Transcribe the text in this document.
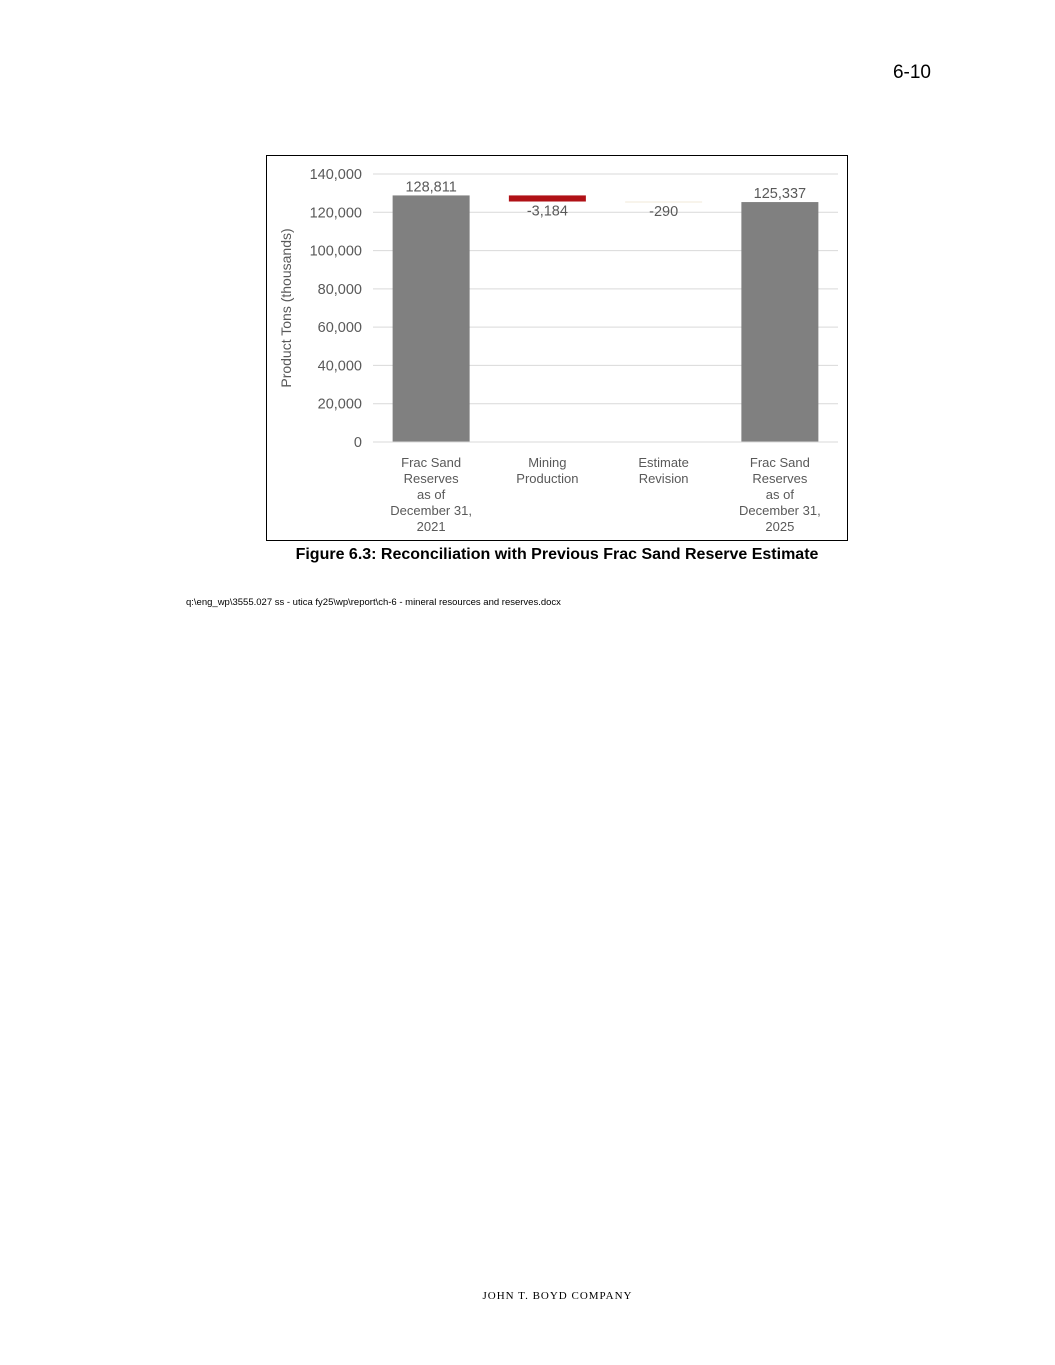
6-10
0
20,000
40,000
60,000
80,000
100,000
120,000
140,000
Product Tons (thousands)
128,811
-3,184	-290
125,337
Frac Sand Reserves as of December 31, 2021
Mining Production
Estimate Revision
Frac Sand Reserves as of December 31, 2025
Figure 6.3: Reconciliation with Previous Frac Sand Reserve Estimate
q:\eng_wp\3555.027 ss - utica fy25\wp\report\ch-6 - mineral resources and reserves.docx
JOHN T. BOYD COMPANY
